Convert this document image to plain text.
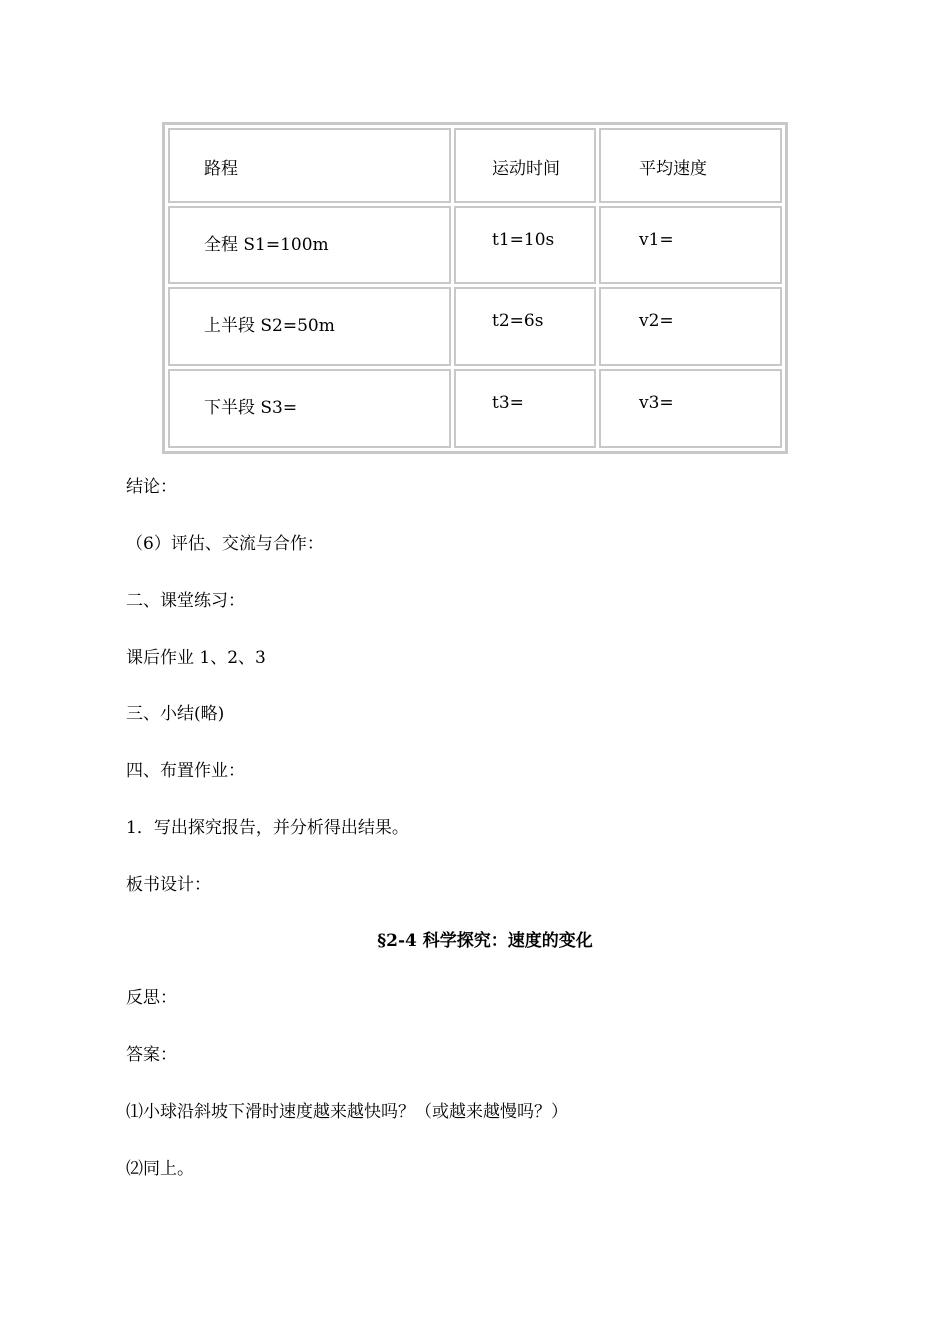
路程	运动时间	平均速度
全程 S1=100m	t1=10s	v1=
上半段 S2=50m	t2=6s	v2=
下半段 S3=	t3=	v3=
结论：
（6）评估、交流与合作：
二、课堂练习：
课后作业 1、2、3
三、小结(略)
四、布置作业：
1．写出探究报告，并分析得出结果。
板书设计：
§2-4 科学探究：速度的变化
反思：
答案：
⑴小球沿斜坡下滑时速度越来越快吗？（或越来越慢吗？）
⑵同上。
